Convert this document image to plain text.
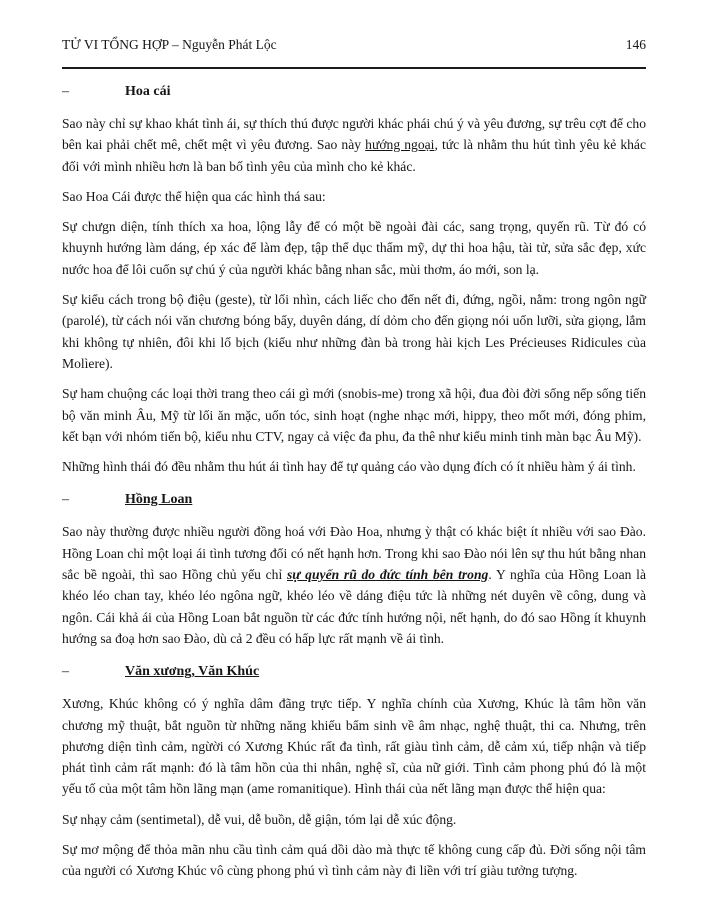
TỬ VI TỔNG HỢP – Nguyễn Phát Lộc	146
–	Hoa cái

Sao này chỉ sự khao khát tình ái, sự thích thú được người khác phái chú ý và yêu đương, sự trêu cợt để cho bên kai phải chết mê, chết mệt vì yêu đương. Sao này hướng ngoại, tức là nhằm thu hút tình yêu kẻ khác đối với mình nhiều hơn là ban bố tình yêu của mình cho kẻ khác.

Sao Hoa Cái được thể hiện qua các hình thá sau:

Sự chưgn diện, tính thích xa hoa, lộng lẫy để có một bề ngoài đài các, sang trọng, quyến rũ. Từ đó có khuynh hướng làm dáng, ép xác để làm đẹp, tập thể dục thẩm mỹ, dự thi hoa hậu, tài tử, sửa sắc đẹp, xức nước hoa để lôi cuốn sự chú ý của người khác bằng nhan sắc, mùi thơm, áo mới, son lạ.

Sự kiểu cách trong bộ điệu (geste), từ lối nhìn, cách liếc cho đến nết đi, đứng, ngồi, nằm: trong ngôn ngữ (parolé), từ cách nói văn chương bóng bẩy, duyên dáng, dí dỏm cho đến giọng nói uốn lưỡi, sửa giọng, lắm khi không tự nhiên, đôi khi lố bịch (kiểu như những đàn bà trong hài kịch Les Précieuses Ridicules của Molìere).

Sự ham chuộng các loại thời trang theo cái gì mới (snobis-me) trong xã hội, đua đòi đời sống nếp sống tiến bộ văn minh Âu, Mỹ từ lối ăn mặc, uốn tóc, sinh hoạt (nghe nhạc mới, hippy, theo mốt mới, đóng phim, kết bạn với nhóm tiến bộ, kiểu nhu CTV, ngay cả việc đa phu, đa thê như kiểu minh tinh màn bạc Âu Mỹ).

Những hình thái đó đều nhằm thu hút ái tình hay để tự quảng cáo vào dụng đích có ít nhiều hàm ý ái tình.

–	Hồng Loan

Sao này thường được nhiều người đồng hoá với Đào Hoa, nhưng ỳ thật có khác biệt ít nhiều với sao Đào. Hồng Loan chỉ một loại ái tình tương đối có nết hạnh hơn. Trong khi sao Đào nói lên sự thu hút bằng nhan sắc bề ngoài, thì sao Hồng chủ yếu chỉ sự quyến rũ do đức tính bên trong. Y nghĩa của Hồng Loan là khéo léo chan tay, khéo léo ngôna ngữ, khéo léo về dáng điệu tức là những nét duyên về công, dung và ngôn. Cái khả ái của Hồng Loan bắt nguồn từ các đức tính hướng nội, nết hạnh, do đó sao Hồng ít khuynh hướng sa đoạ hơn sao Đào, dù cả 2 đều có hấp lực rất mạnh về ái tình.

–	Văn xương, Văn Khúc

Xương, Khúc không có ý nghĩa dâm đãng trực tiếp. Y nghĩa chính của Xương, Khúc là tâm hồn văn chương mỹ thuật, bắt nguồn từ những năng khiếu bẩm sinh về âm nhạc, nghệ thuật, thi ca. Nhưng, trên phương diện tình cảm, ngừời có Xương Khúc rất đa tình, rất giàu tình cảm, dễ cảm xú, tiếp nhận và tiếp phát tình cảm rất mạnh: đó là tâm hồn của thi nhân, nghệ sĩ, của nữ giới. Tình cảm phong phú đó là một yếu tố của một tâm hồn lãng mạn (ame romanitique). Hình thái của nết lãng mạn được thể hiện qua:

Sự nhạy cảm (sentimetal), dễ vui, dễ buồn, dễ giận, tóm lại dễ xúc động.

Sự mơ mộng để thỏa mãn nhu cầu tình cảm quá dồi dào mà thực tế không cung cấp đủ. Đời sống nội tâm của người có Xương Khúc vô cùng phong phú vì tình cảm này đi liền với trí giàu tưởng tượng.
